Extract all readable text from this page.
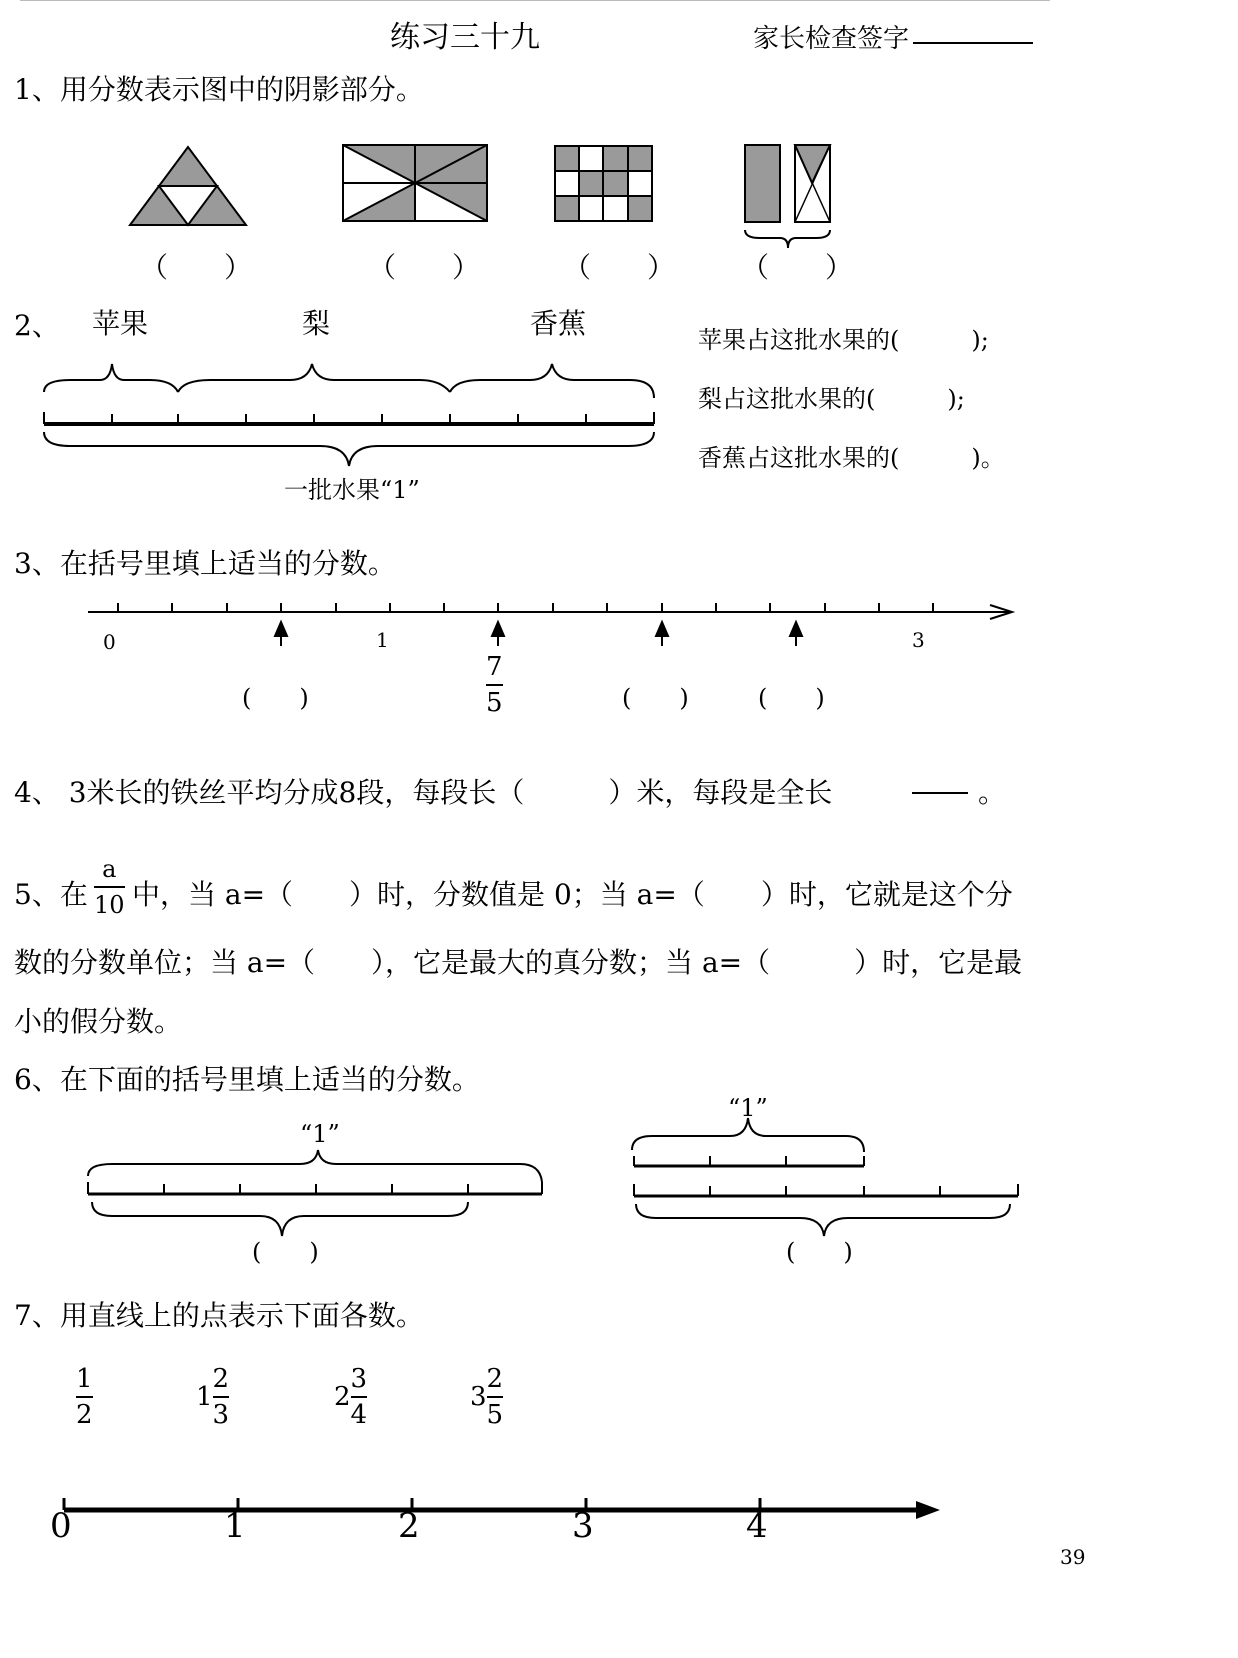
练习三十九	家长检查签字
1、用分数表示图中的阴影部分。
（　　）	（　　）	（　　） （　　）
2、 苹果	梨	香蕉
一批水果“1”
苹果占这批水果的(　　　);
梨占这批水果的(　　　);
香蕉占这批水果的(　　　)。
3、在括号里填上适当的分数。
0	1	3
(　　)
7
5	(　　)	(　　)
4、 3米长的铁丝平均分成8段，每段长（　　　）米，每段是全长	。
5、在
a
10 中，当 a=（　　）时，分数值是 0；当 a=（　　）时，它就是这个分
数的分数单位；当 a=（　　），它是最大的真分数；当 a=（　　　）时，它是最
小的假分数。
6、在下面的括号里填上适当的分数。
“1”
“1”
(　　)	(　　)
7、用直线上的点表示下面各数。
1
2
1
2
3
2
3
4
3
2
5
0	1	2	3	4
39
